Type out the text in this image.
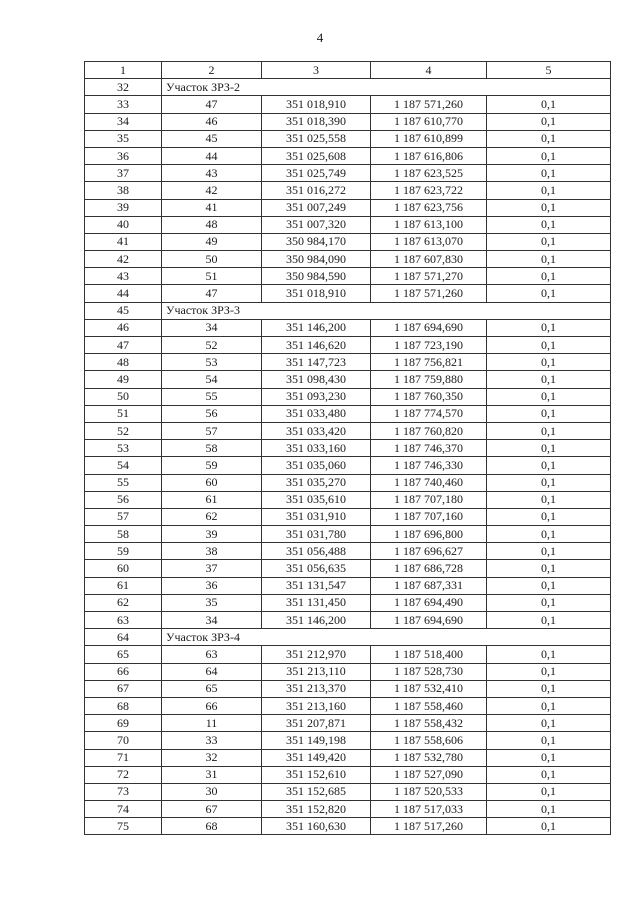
4
1	2	3	4	5
32	Участок ЗРЗ-2			
33	47	351 018,910	1 187 571,260	0,1
34	46	351 018,390	1 187 610,770	0,1
35	45	351 025,558	1 187 610,899	0,1
36	44	351 025,608	1 187 616,806	0,1
37	43	351 025,749	1 187 623,525	0,1
38	42	351 016,272	1 187 623,722	0,1
39	41	351 007,249	1 187 623,756	0,1
40	48	351 007,320	1 187 613,100	0,1
41	49	350 984,170	1 187 613,070	0,1
42	50	350 984,090	1 187 607,830	0,1
43	51	350 984,590	1 187 571,270	0,1
44	47	351 018,910	1 187 571,260	0,1
45	Участок ЗРЗ-3			
46	34	351 146,200	1 187 694,690	0,1
47	52	351 146,620	1 187 723,190	0,1
48	53	351 147,723	1 187 756,821	0,1
49	54	351 098,430	1 187 759,880	0,1
50	55	351 093,230	1 187 760,350	0,1
51	56	351 033,480	1 187 774,570	0,1
52	57	351 033,420	1 187 760,820	0,1
53	58	351 033,160	1 187 746,370	0,1
54	59	351 035,060	1 187 746,330	0,1
55	60	351 035,270	1 187 740,460	0,1
56	61	351 035,610	1 187 707,180	0,1
57	62	351 031,910	1 187 707,160	0,1
58	39	351 031,780	1 187 696,800	0,1
59	38	351 056,488	1 187 696,627	0,1
60	37	351 056,635	1 187 686,728	0,1
61	36	351 131,547	1 187 687,331	0,1
62	35	351 131,450	1 187 694,490	0,1
63	34	351 146,200	1 187 694,690	0,1
64	Участок ЗРЗ-4			
65	63	351 212,970	1 187 518,400	0,1
66	64	351 213,110	1 187 528,730	0,1
67	65	351 213,370	1 187 532,410	0,1
68	66	351 213,160	1 187 558,460	0,1
69	11	351 207,871	1 187 558,432	0,1
70	33	351 149,198	1 187 558,606	0,1
71	32	351 149,420	1 187 532,780	0,1
72	31	351 152,610	1 187 527,090	0,1
73	30	351 152,685	1 187 520,533	0,1
74	67	351 152,820	1 187 517,033	0,1
75	68	351 160,630	1 187 517,260	0,1
